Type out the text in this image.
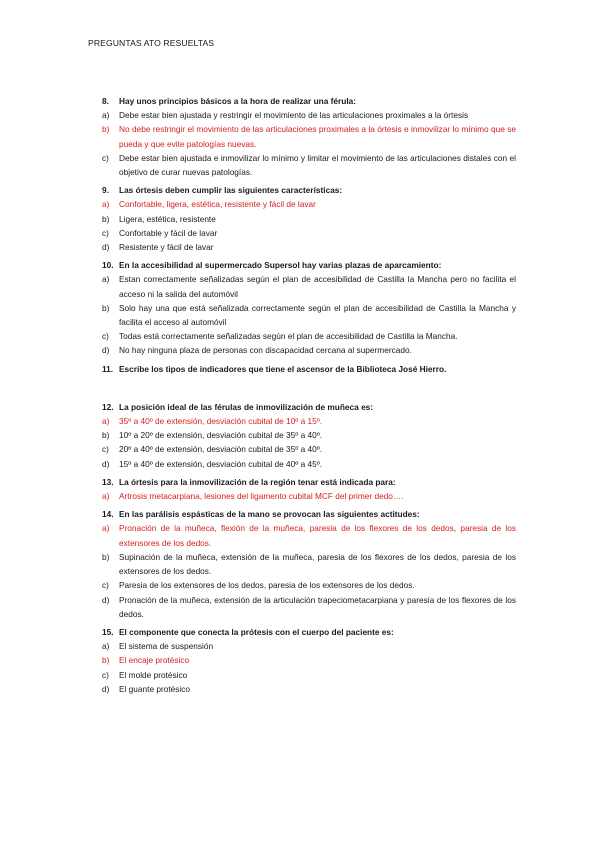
PREGUNTAS ATO RESUELTAS
8.	Hay unos principios básicos a la hora de realizar una férula:
a)	Debe estar bien ajustada y restringir el movimiento de las articulaciones proximales a la órtesis
b)	No debe restringir el movimiento de las articulaciones proximales a la órtesis e inmovilizar lo mínimo que se pueda y que evite patologías nuevas.
c)	Debe estar bien ajustada e inmovilizar lo mínimo y limitar el movimiento de las articulaciones distales con el objetivo de curar nuevas patologías.
9.	Las órtesis deben cumplir las siguientes características:
a)	Confortable, ligera, estética, resistente y fácil de lavar
b)	Ligera, estética, resistente
c)	Confortable y fácil de lavar
d)	Resistente y fácil de lavar
10. En la accesibilidad al supermercado Supersol hay varias plazas de aparcamiento:
a)	Estan correctamente señalizadas según el plan de accesibilidad de Castilla la Mancha pero no facilita el acceso ni la salida del automóvil
b)	Solo hay una que está señalizada correctamente según el plan de accesibilidad de Castilla la Mancha y facilita el acceso al automóvil
c)	Todas está correctamente señalizadas según el plan de accesibilidad de Castilla la Mancha.
d)	No hay ninguna plaza de personas con discapacidad cercana al supermercado.
11. Escribe los tipos de indicadores que tiene el ascensor de la Biblioteca José Hierro.
12. La posición ideal de las férulas de inmovilización de muñeca es:
a)	35º a 40º de extensión, desviación cubital de 10º a 15º.
b)	10º a 20º de extensión, desviación cubital de 35º a 40º.
c)	20º a 40º de extensión, desviación cubital de 35º a 40º.
d)	15º a 40º de extensión, desviación cubital de 40º a 45º.
13. La órtesis para la inmovilización de la región tenar está indicada para:
a)	Artrosis metacarpiana, lesiones del ligamento cubital MCF del primer dedo….
14. En las parálisis espásticas de la mano se provocan las siguientes actitudes:
a)	Pronación de la muñeca, flexión de la muñeca, paresia de los flexores de los dedos, paresia de los extensores de los dedos.
b)	Supinación de la muñeca, extensión de la muñeca, paresia de los flexores de los dedos, paresia de los extensores de los dedos.
c)	Paresia de los extensores de los dedos, paresia de los extensores de los dedos.
d)	Pronación de la muñeca, extensión de la articulación trapeciometacarpiana y paresia de los flexores de los dedos.
15. El componente que conecta la prótesis con el cuerpo del paciente es:
a)	El sistema de suspensión
b)	El encaje protésico
c)	El molde protésico
d)	El guante protésico
